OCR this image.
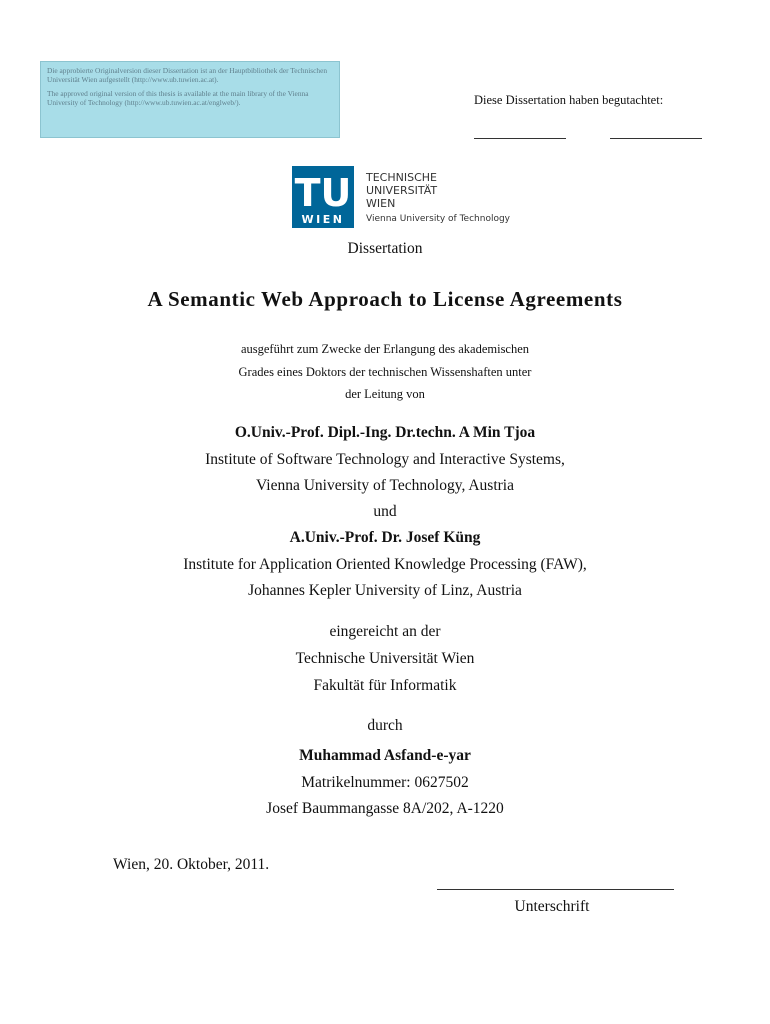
Die approbierte Originalversion dieser Dissertation ist an der Hauptbibliothek der Technischen Universität Wien aufgestellt (http://www.ub.tuwien.ac.at).

The approved original version of this thesis is available at the main library of the Vienna University of Technology (http://www.ub.tuwien.ac.at/englweb/).	Diese Dissertation haben begutachtet:
TU
WIEN
TECHNISCHE
UNIVERSITÄT
WIEN
Vienna University of Technology
Dissertation
A Semantic Web Approach to License Agreements
ausgeführt zum Zwecke der Erlangung des akademischen
Grades eines Doktors der technischen Wissenshaften unter
der Leitung von
O.Univ.-Prof. Dipl.-Ing. Dr.techn. A Min Tjoa
Institute of Software Technology and Interactive Systems,
Vienna University of Technology, Austria
und
A.Univ.-Prof. Dr. Josef Küng
Institute for Application Oriented Knowledge Processing (FAW),
Johannes Kepler University of Linz, Austria
eingereicht an der
Technische Universität Wien
Fakultät für Informatik
durch
Muhammad Asfand-e-yar
Matrikelnummer: 0627502
Josef Baummangasse 8A/202, A-1220
Wien, 20. Oktober, 2011.
Unterschrift
